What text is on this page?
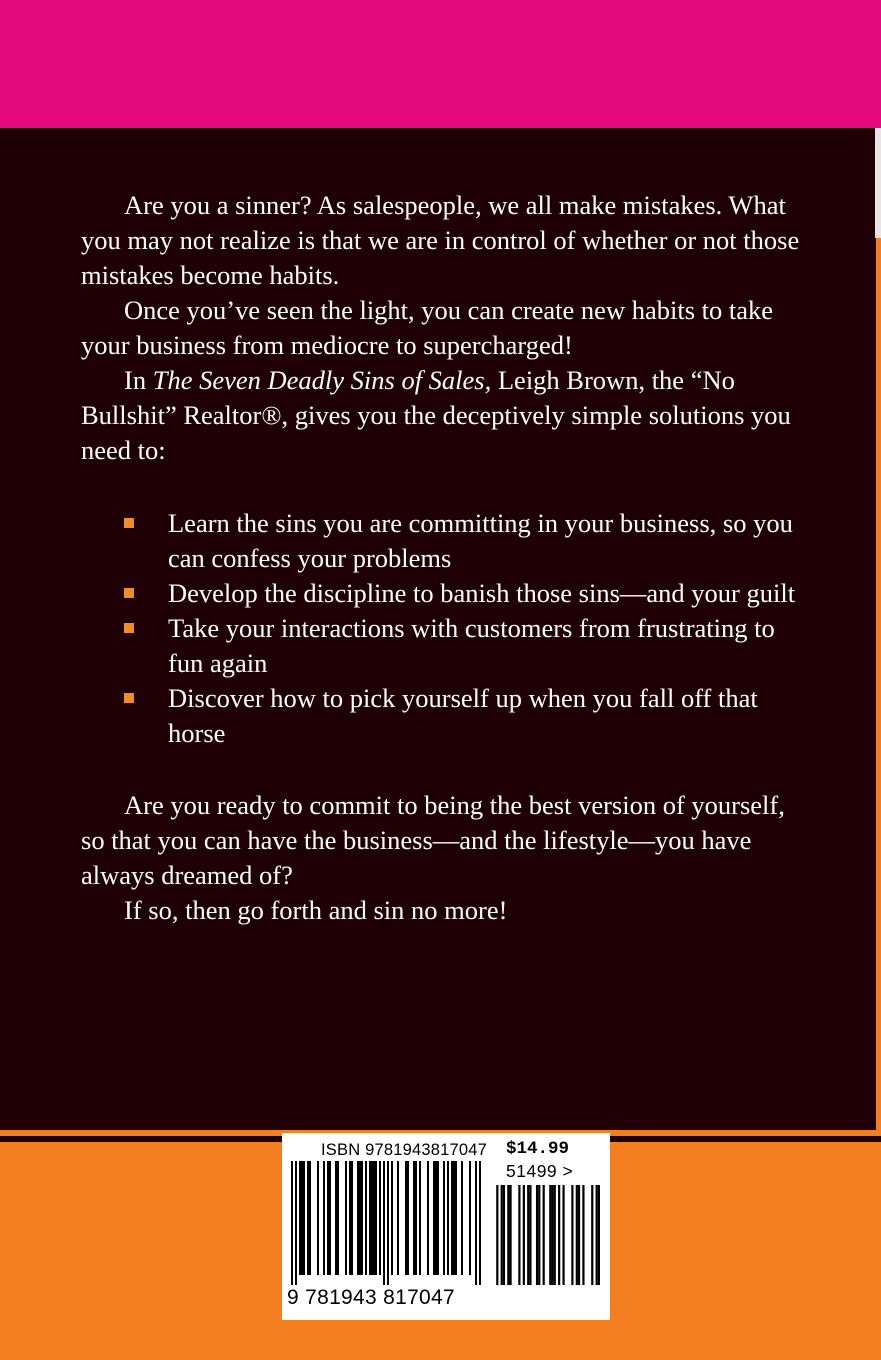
Are you a sinner? As salespeople, we all make mistakes. What you may not realize is that we are in control of whether or not those mistakes become habits.

Once you’ve seen the light, you can create new habits to take your business from mediocre to supercharged!

In The Seven Deadly Sins of Sales, Leigh Brown, the “No Bullshit” Realtor®, gives you the deceptively simple solutions you need to:

Learn the sins you are committing in your business, so you can confess your problems
Develop the discipline to banish those sins—and your guilt
Take your interactions with customers from frustrating to fun again
Discover how to pick yourself up when you fall off that horse

Are you ready to commit to being the best version of yourself, so that you can have the business—and the lifestyle—you have always dreamed of?

If so, then go forth and sin no more!

ISBN 9781943817047 $14.99
51499 >
9 781943 817047
